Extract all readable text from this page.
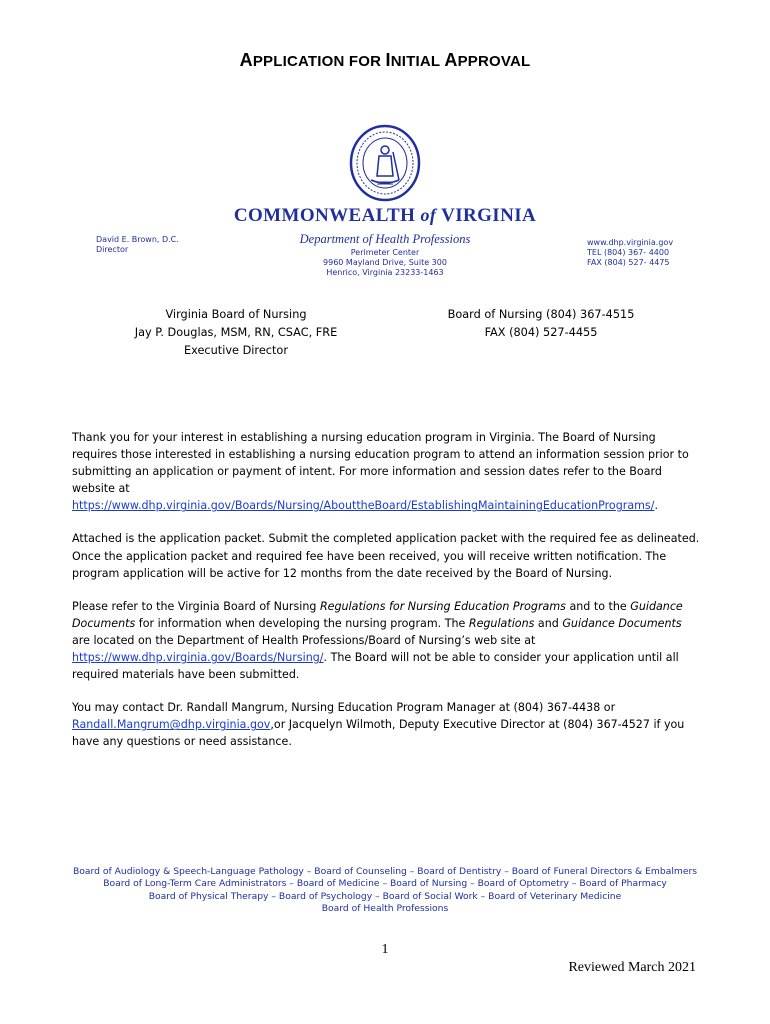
APPLICATION FOR INITIAL APPROVAL
COMMONWEALTH of VIRGINIA
Department of Health Professions
David E. Brown, D.C.
Director	Perimeter Center
9960 Mayland Drive, Suite 300
Henrico, Virginia 23233-1463
www.dhp.virginia.gov
TEL (804) 367- 4400
FAX (804) 527- 4475
Virginia Board of Nursing
Jay P. Douglas, MSM, RN, CSAC, FRE
Executive Director
Board of Nursing (804) 367-4515
FAX (804) 527-4455

Thank you for your interest in establishing a nursing education program in Virginia. The Board of Nursing requires those interested in establishing a nursing education program to attend an information session prior to submitting an application or payment of intent. For more information and session dates refer to the Board website at https://www.dhp.virginia.gov/Boards/Nursing/AbouttheBoard/EstablishingMaintainingEducationPrograms/.

Attached is the application packet. Submit the completed application packet with the required fee as delineated. Once the application packet and required fee have been received, you will receive written notification. The program application will be active for 12 months from the date received by the Board of Nursing.

Please refer to the Virginia Board of Nursing Regulations for Nursing Education Programs and to the Guidance Documents for information when developing the nursing program. The Regulations and Guidance Documents are located on the Department of Health Professions/Board of Nursing’s web site at https://www.dhp.virginia.gov/Boards/Nursing/. The Board will not be able to consider your application until all required materials have been submitted.

You may contact Dr. Randall Mangrum, Nursing Education Program Manager at (804) 367-4438 or Randall.Mangrum@dhp.virginia.gov,or Jacquelyn Wilmoth, Deputy Executive Director at (804) 367-4527 if you have any questions or need assistance.

Board of Audiology & Speech-Language Pathology – Board of Counseling – Board of Dentistry – Board of Funeral Directors & Embalmers
Board of Long-Term Care Administrators – Board of Medicine – Board of Nursing – Board of Optometry – Board of Pharmacy
Board of Physical Therapy – Board of Psychology – Board of Social Work – Board of Veterinary Medicine
Board of Health Professions
1
Reviewed March 2021
